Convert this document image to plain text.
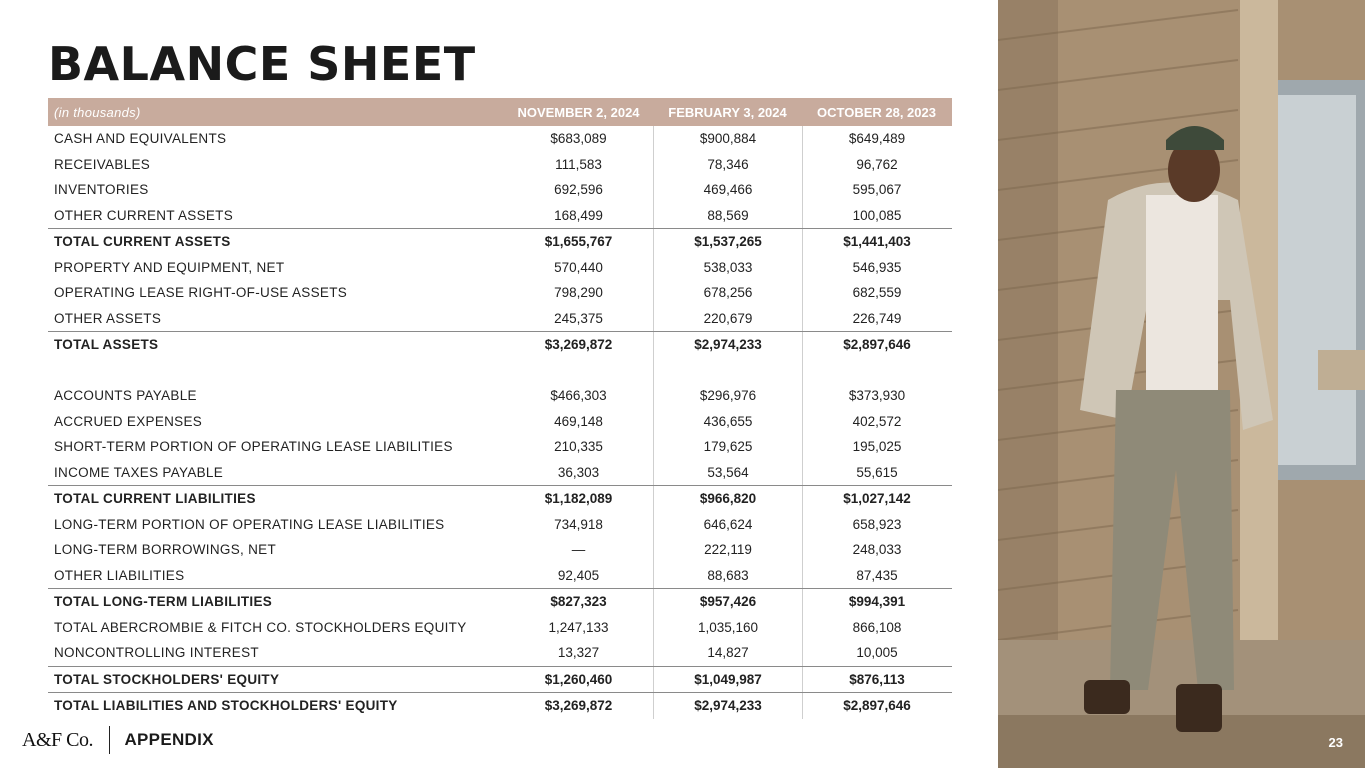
BALANCE SHEET
(in thousands)	NOVEMBER 2, 2024	FEBRUARY 3, 2024	OCTOBER 28, 2023
CASH AND EQUIVALENTS	$683,089	$900,884	$649,489
RECEIVABLES	111,583	78,346	96,762
INVENTORIES	692,596	469,466	595,067
OTHER CURRENT ASSETS	168,499	88,569	100,085
TOTAL CURRENT ASSETS	$1,655,767	$1,537,265	$1,441,403
PROPERTY AND EQUIPMENT, NET	570,440	538,033	546,935
OPERATING LEASE RIGHT-OF-USE ASSETS	798,290	678,256	682,559
OTHER ASSETS	245,375	220,679	226,749
TOTAL ASSETS	$3,269,872	$2,974,233	$2,897,646
ACCOUNTS PAYABLE	$466,303	$296,976	$373,930
ACCRUED EXPENSES	469,148	436,655	402,572
SHORT-TERM PORTION OF OPERATING LEASE LIABILITIES	210,335	179,625	195,025
INCOME TAXES PAYABLE	36,303	53,564	55,615
TOTAL CURRENT LIABILITIES	$1,182,089	$966,820	$1,027,142
LONG-TERM PORTION OF OPERATING LEASE LIABILITIES	734,918	646,624	658,923
LONG-TERM BORROWINGS, NET	—	222,119	248,033
OTHER LIABILITIES	92,405	88,683	87,435
TOTAL LONG-TERM LIABILITIES	$827,323	$957,426	$994,391
TOTAL ABERCROMBIE & FITCH CO. STOCKHOLDERS EQUITY	1,247,133	1,035,160	866,108
NONCONTROLLING INTEREST	13,327	14,827	10,005
TOTAL STOCKHOLDERS' EQUITY	$1,260,460	$1,049,987	$876,113
TOTAL LIABILITIES AND STOCKHOLDERS' EQUITY	$3,269,872	$2,974,233	$2,897,646
A&F Co. APPENDIX	23
